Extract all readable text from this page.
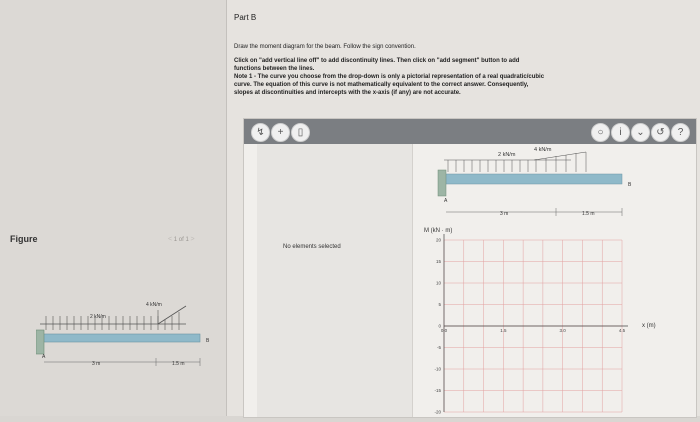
Figure	< 1 of 1 >
2 kN/m
4 kN/m
A
B
3 m	1.5 m
Part B
Draw the moment diagram for the beam. Follow the sign convention.
Click on "add vertical line off" to add discontinuity lines. Then click on "add segment" button to add
functions between the lines.
Note 1 - The curve you choose from the drop-down is only a pictorial representation of a real quadratic/cubic
curve. The equation of this curve is not mathematically equivalent to the correct answer. Consequently,
slopes at discontinuities and intercepts with the x-axis (if any) are not accurate.
↯	+	▯	○	i	⌄	↺	?
No elements selected
2 kN/m
4 kN/m
A
B
3 m	1.5 m
M (kN · m)
20
15
10
5
0
-5
-10
-15
-20
0.0	1.5	3.0	4.5
x (m)
